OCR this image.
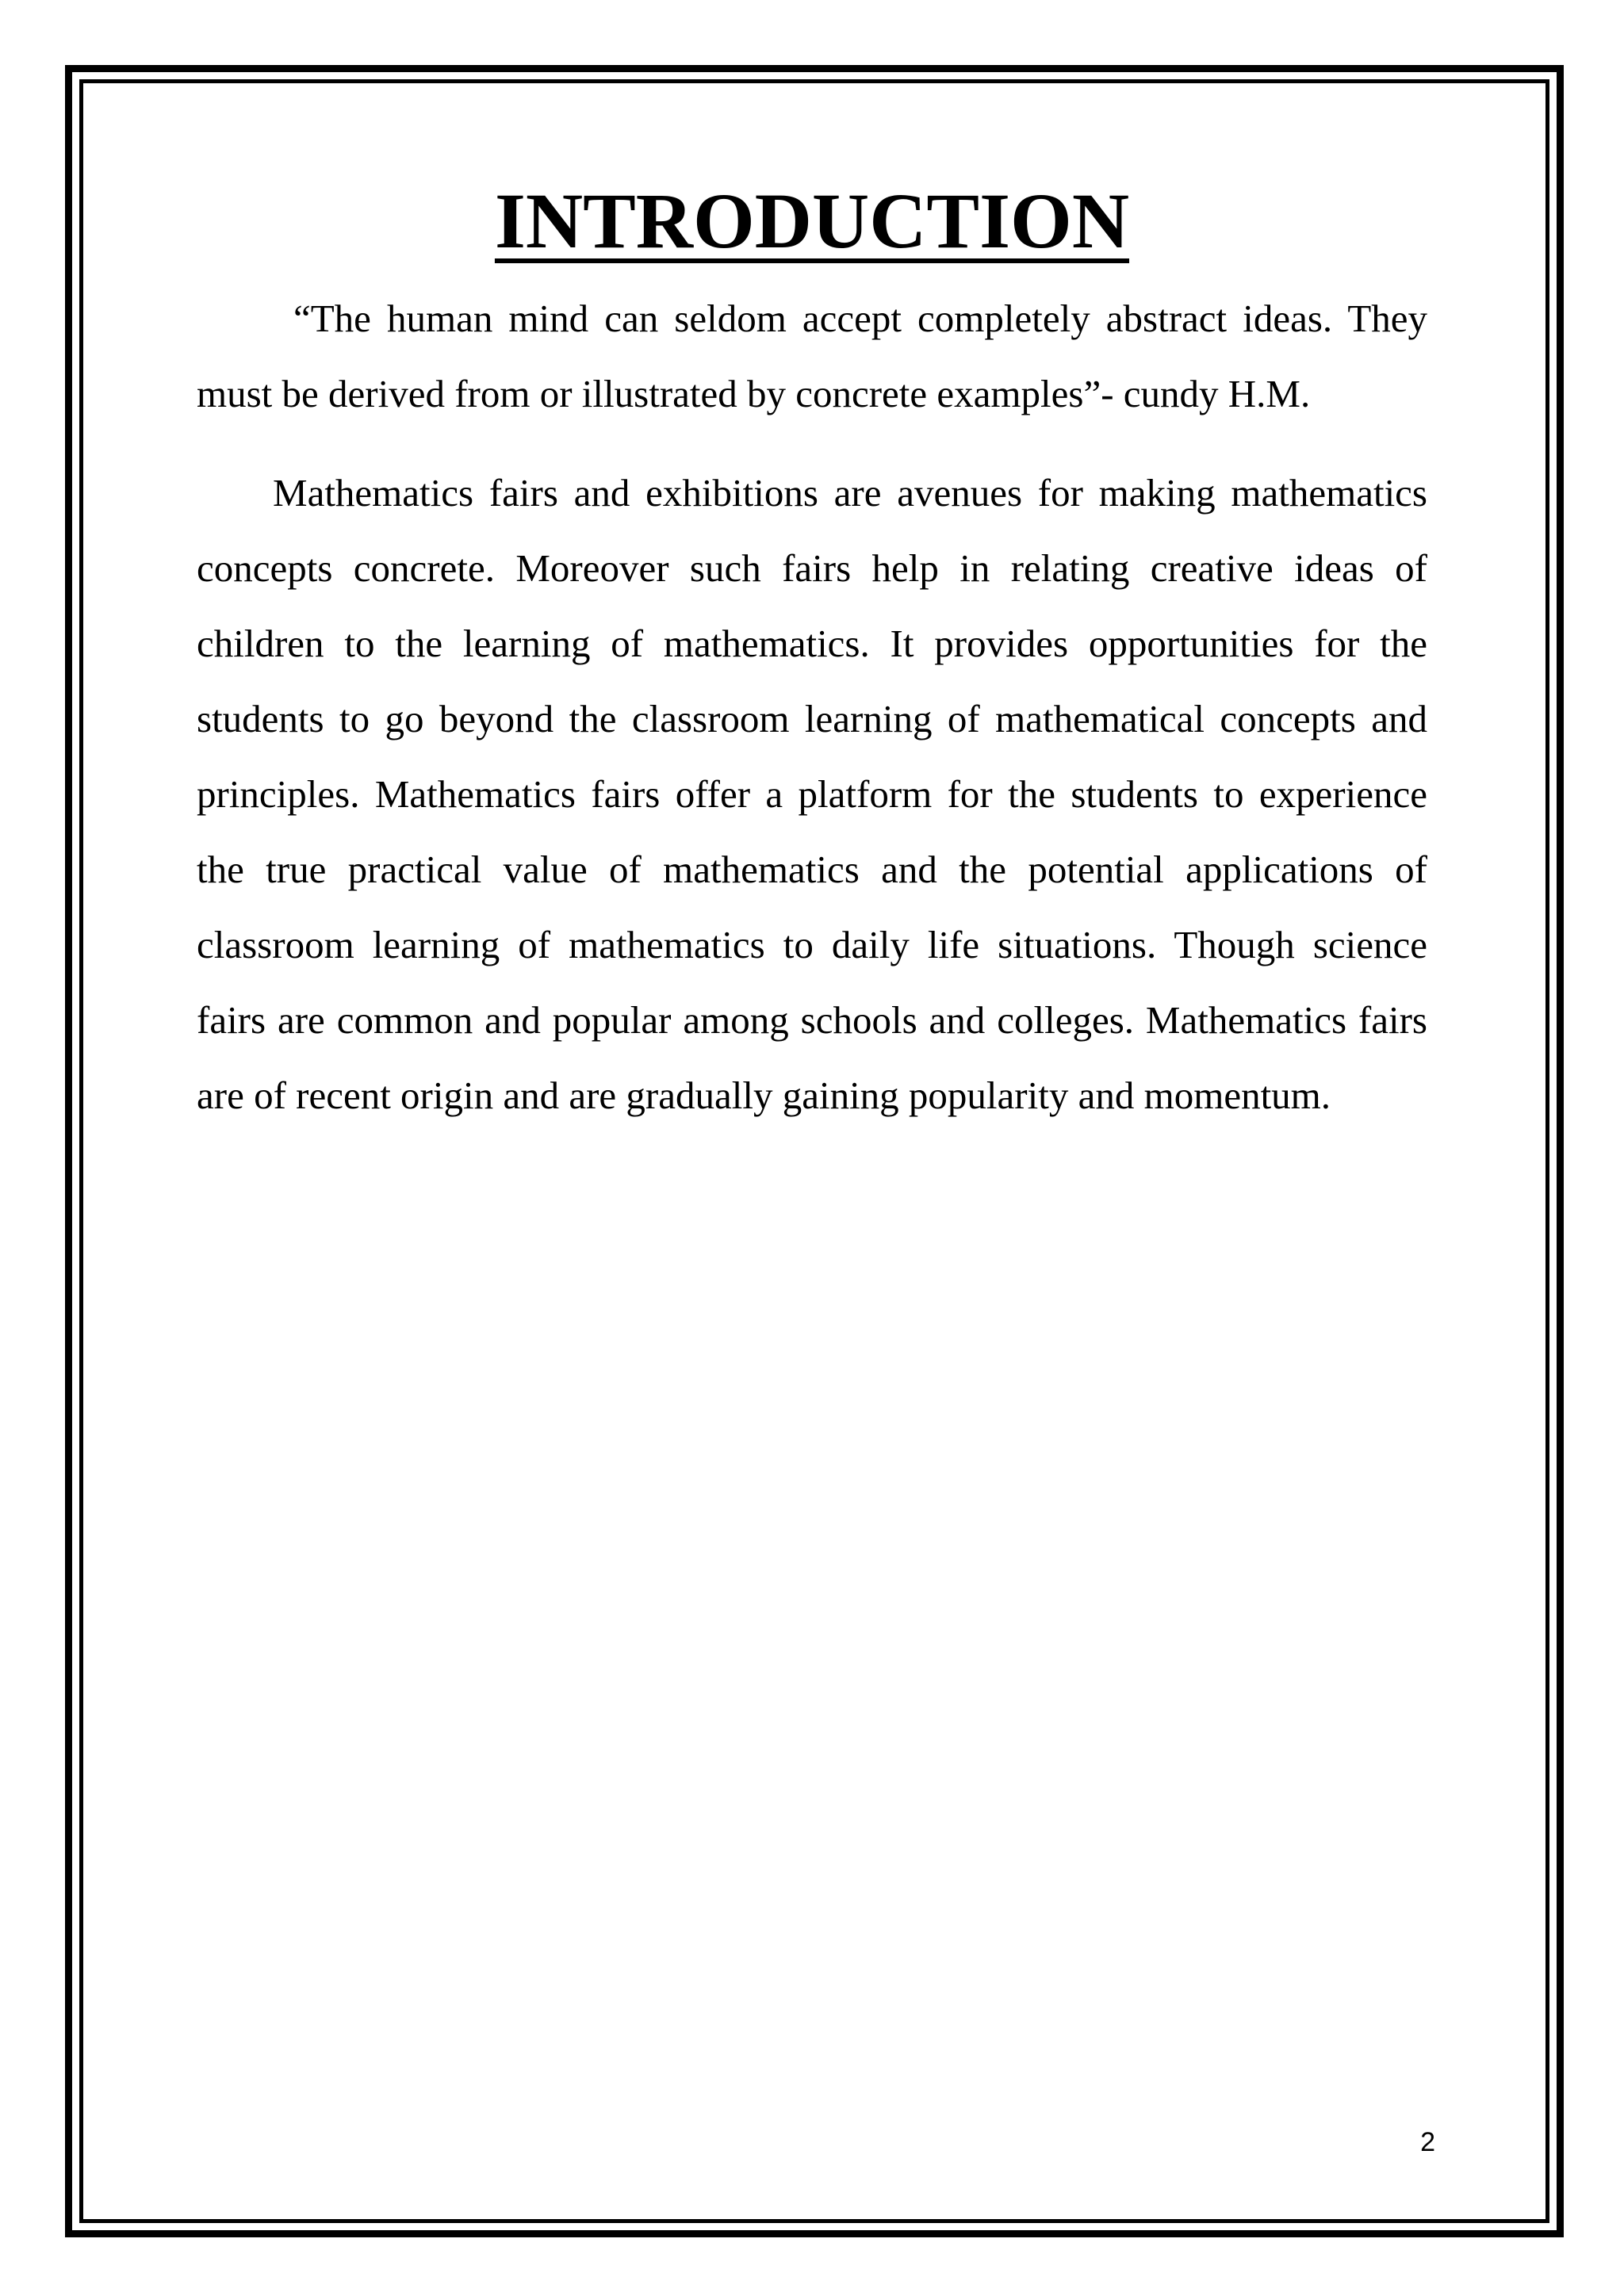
INTRODUCTION

“The human mind can seldom accept completely abstract ideas. They must be derived from or illustrated by concrete examples”- cundy H.M.

Mathematics fairs and exhibitions are avenues for making mathematics concepts concrete. Moreover such fairs help in relating creative ideas of children to the learning of mathematics. It provides opportunities for the students to go beyond the classroom learning of mathematical concepts and principles. Mathematics fairs offer a platform for the students to experience the true practical value of mathematics and the potential applications of classroom learning of mathematics to daily life situations. Though science fairs are common and popular among schools and colleges. Mathematics fairs are of recent origin and are gradually gaining popularity and momentum.

2
